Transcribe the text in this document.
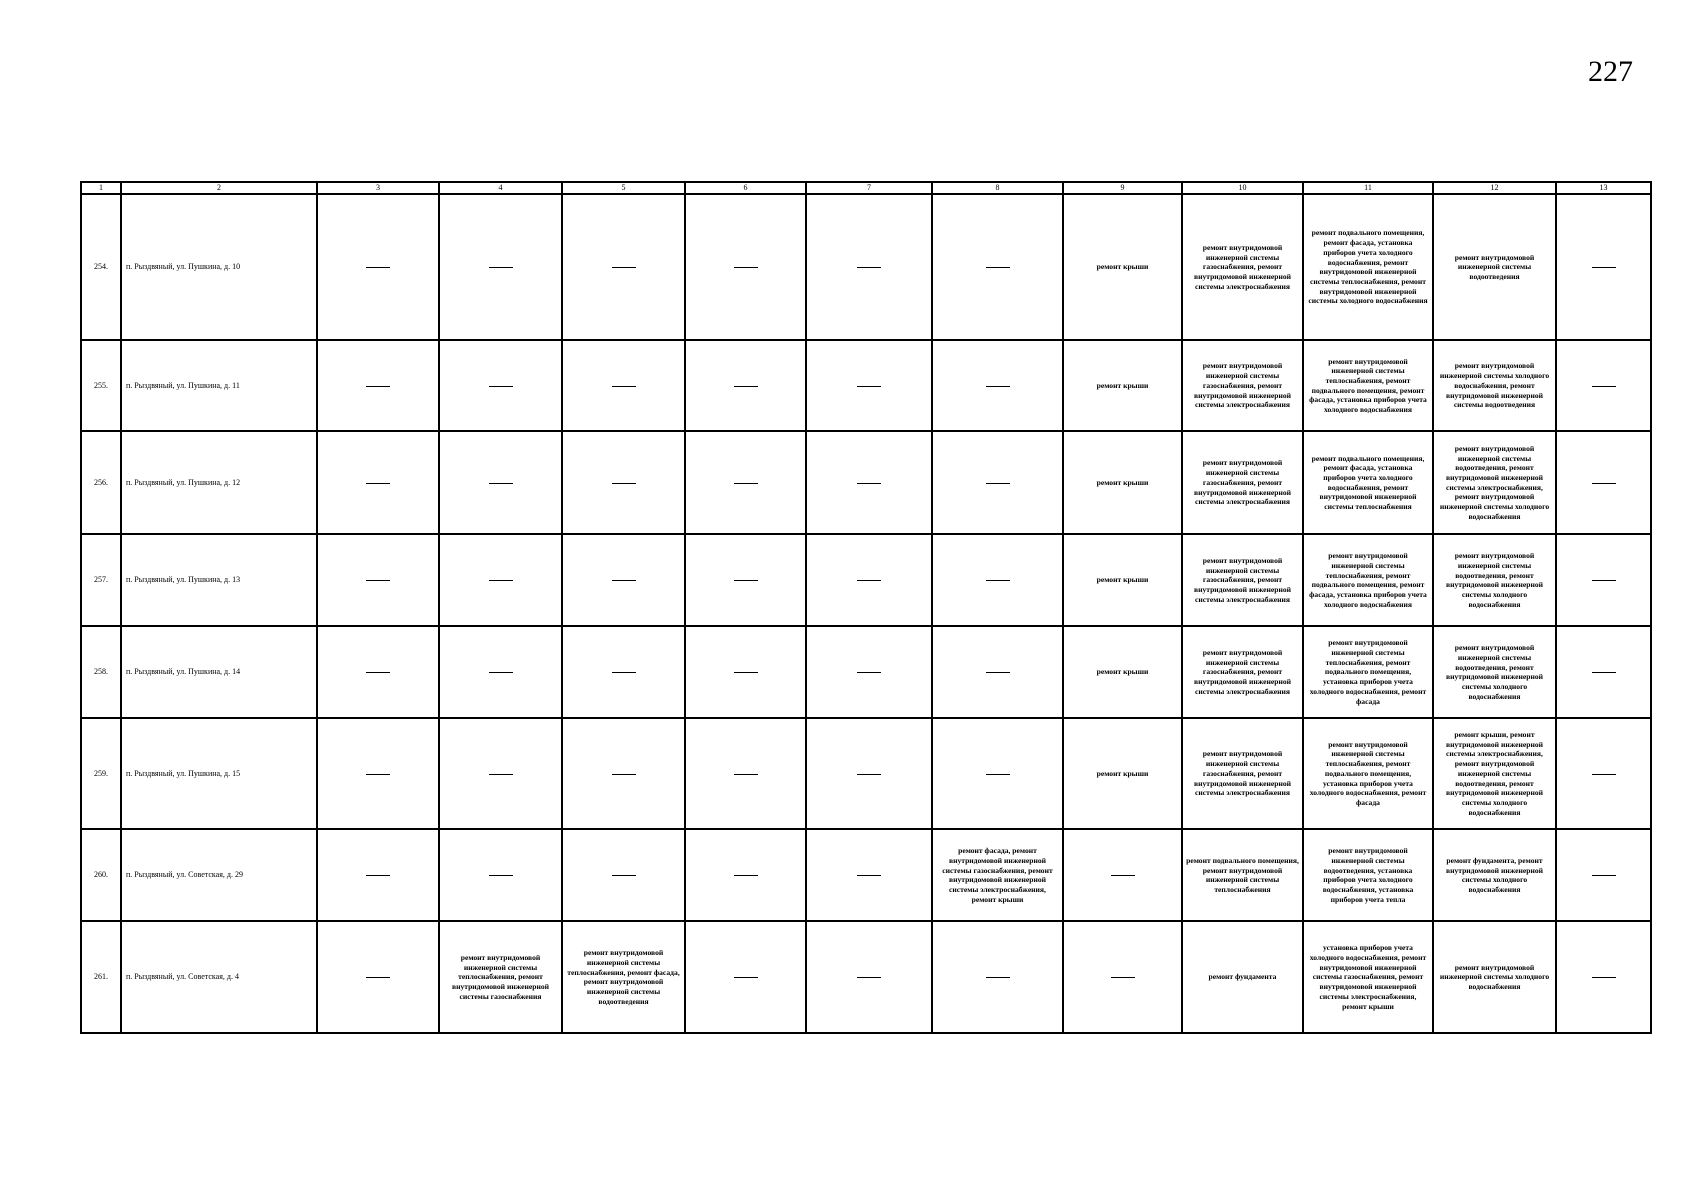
227
1	2	3	4	5	6	7	8	9	10	11	12	13
254.	п. Рыздвяный, ул. Пушкина, д. 10							ремонт крыши	ремонт внутридомовой инженерной системы газоснабжения, ремонт внутридомовой инженерной системы электроснабжения	ремонт подвального помещения, ремонт фасада, установка приборов учета холодного водоснабжения, ремонт внутридомовой инженерной системы теплоснабжения, ремонт внутридомовой инженерной системы холодного водоснабжения	ремонт внутридомовой инженерной системы водоотведения	

255.	п. Рыздвяный, ул. Пушкина, д. 11							ремонт крыши	ремонт внутридомовой инженерной системы газоснабжения, ремонт внутридомовой инженерной системы электроснабжения	ремонт внутридомовой инженерной системы теплоснабжения, ремонт подвального помещения, ремонт фасада, установка приборов учета холодного водоснабжения	ремонт внутридомовой инженерной системы холодного водоснабжения, ремонт внутридомовой инженерной системы водоотведения	

256.	п. Рыздвяный, ул. Пушкина, д. 12							ремонт крыши	ремонт внутридомовой инженерной системы газоснабжения, ремонт внутридомовой инженерной системы электроснабжения	ремонт подвального помещения, ремонт фасада, установка приборов учета холодного водоснабжения, ремонт внутридомовой инженерной системы теплоснабжения	ремонт внутридомовой инженерной системы водоотведения, ремонт внутридомовой инженерной системы электроснабжения, ремонт внутридомовой инженерной системы холодного водоснабжения	

257.	п. Рыздвяный, ул. Пушкина, д. 13							ремонт крыши	ремонт внутридомовой инженерной системы газоснабжения, ремонт внутридомовой инженерной системы электроснабжения	ремонт внутридомовой инженерной системы теплоснабжения, ремонт подвального помещения, ремонт фасада, установка приборов учета холодного водоснабжения	ремонт внутридомовой инженерной системы водоотведения, ремонт внутридомовой инженерной системы холодного водоснабжения	

258.	п. Рыздвяный, ул. Пушкина, д. 14							ремонт крыши	ремонт внутридомовой инженерной системы газоснабжения, ремонт внутридомовой инженерной системы электроснабжения	ремонт внутридомовой инженерной системы теплоснабжения, ремонт подвального помещения, установка приборов учета холодного водоснабжения, ремонт фасада	ремонт внутридомовой инженерной системы водоотведения, ремонт внутридомовой инженерной системы холодного водоснабжения	

259.	п. Рыздвяный, ул. Пушкина, д. 15							ремонт крыши	ремонт внутридомовой инженерной системы газоснабжения, ремонт внутридомовой инженерной системы электроснабжения	ремонт внутридомовой инженерной системы теплоснабжения, ремонт подвального помещения, установка приборов учета холодного водоснабжения, ремонт фасада	ремонт крыши, ремонт внутридомовой инженерной системы электроснабжения, ремонт внутридомовой инженерной системы водоотведения, ремонт внутридомовой инженерной системы холодного водоснабжения	

260.	п. Рыздвяный, ул. Советская, д. 29						ремонт фасада, ремонт внутридомовой инженерной системы газоснабжения, ремонт внутридомовой инженерной системы электроснабжения, ремонт крыши		ремонт подвального помещения, ремонт внутридомовой инженерной системы теплоснабжения	ремонт внутридомовой инженерной системы водоотведения, установка приборов учета холодного водоснабжения, установка приборов учета тепла	ремонт фундамента, ремонт внутридомовой инженерной системы холодного водоснабжения	

261.	п. Рыздвяный, ул. Советская, д. 4		ремонт внутридомовой инженерной системы теплоснабжения, ремонт внутридомовой инженерной системы газоснабжения	ремонт внутридомовой инженерной системы теплоснабжения, ремонт фасада, ремонт внутридомовой инженерной системы водоотведения					ремонт фундамента	установка приборов учета холодного водоснабжения, ремонт внутридомовой инженерной системы газоснабжения, ремонт внутридомовой инженерной системы электроснабжения, ремонт крыши	ремонт внутридомовой инженерной системы холодного водоснабжения	
